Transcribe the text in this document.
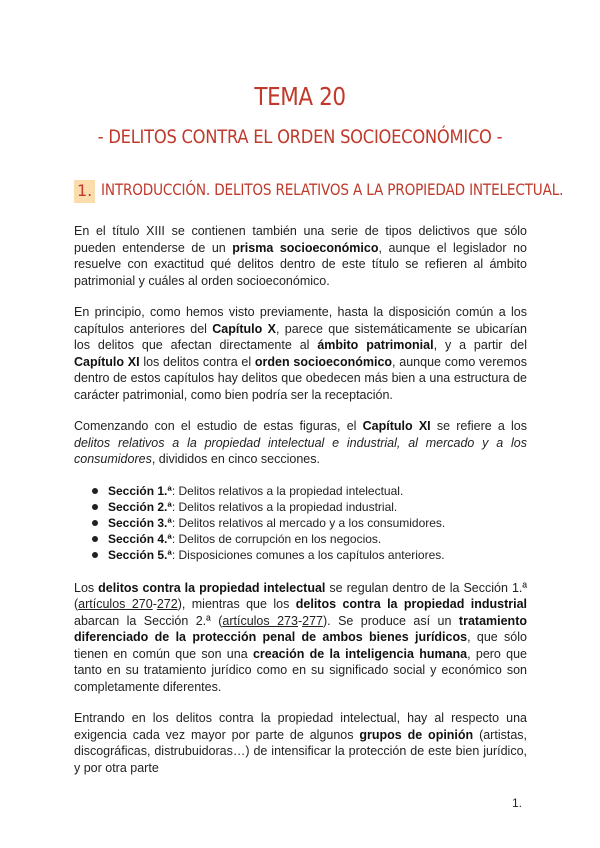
TEMA 20
- DELITOS CONTRA EL ORDEN SOCIOECONÓMICO -
1. INTRODUCCIÓN. DELITOS RELATIVOS A LA PROPIEDAD INTELECTUAL.

En el título XIII se contienen también una serie de tipos delictivos que sólo pueden entenderse de un prisma socioeconómico, aunque el legislador no resuelve con exactitud qué delitos dentro de este título se refieren al ámbito patrimonial y cuáles al orden socioeconómico.

En principio, como hemos visto previamente, hasta la disposición común a los capítulos anteriores del Capítulo X, parece que sistemáticamente se ubicarían los delitos que afectan directamente al ámbito patrimonial, y a partir del Capítulo XI los delitos contra el orden socioeconómico, aunque como veremos dentro de estos capítulos hay delitos que obedecen más bien a una estructura de carácter patrimonial, como bien podría ser la receptación.

Comenzando con el estudio de estas figuras, el Capítulo XI se refiere a los delitos relativos a la propiedad intelectual e industrial, al mercado y a los consumidores, divididos en cinco secciones.

Sección 1.ª: Delitos relativos a la propiedad intelectual.
Sección 2.ª: Delitos relativos a la propiedad industrial.
Sección 3.ª: Delitos relativos al mercado y a los consumidores.
Sección 4.ª: Delitos de corrupción en los negocios.
Sección 5.ª: Disposiciones comunes a los capítulos anteriores.

Los delitos contra la propiedad intelectual se regulan dentro de la Sección 1.ª (artículos 270-272), mientras que los delitos contra la propiedad industrial abarcan la Sección 2.ª (artículos 273-277). Se produce así un tratamiento diferenciado de la protección penal de ambos bienes jurídicos, que sólo tienen en común que son una creación de la inteligencia humana, pero que tanto en su tratamiento jurídico como en su significado social y económico son completamente diferentes.

Entrando en los delitos contra la propiedad intelectual, hay al respecto una exigencia cada vez mayor por parte de algunos grupos de opinión (artistas, discográficas, distrubuidoras…) de intensificar la protección de este bien jurídico, y por otra parte

1.
